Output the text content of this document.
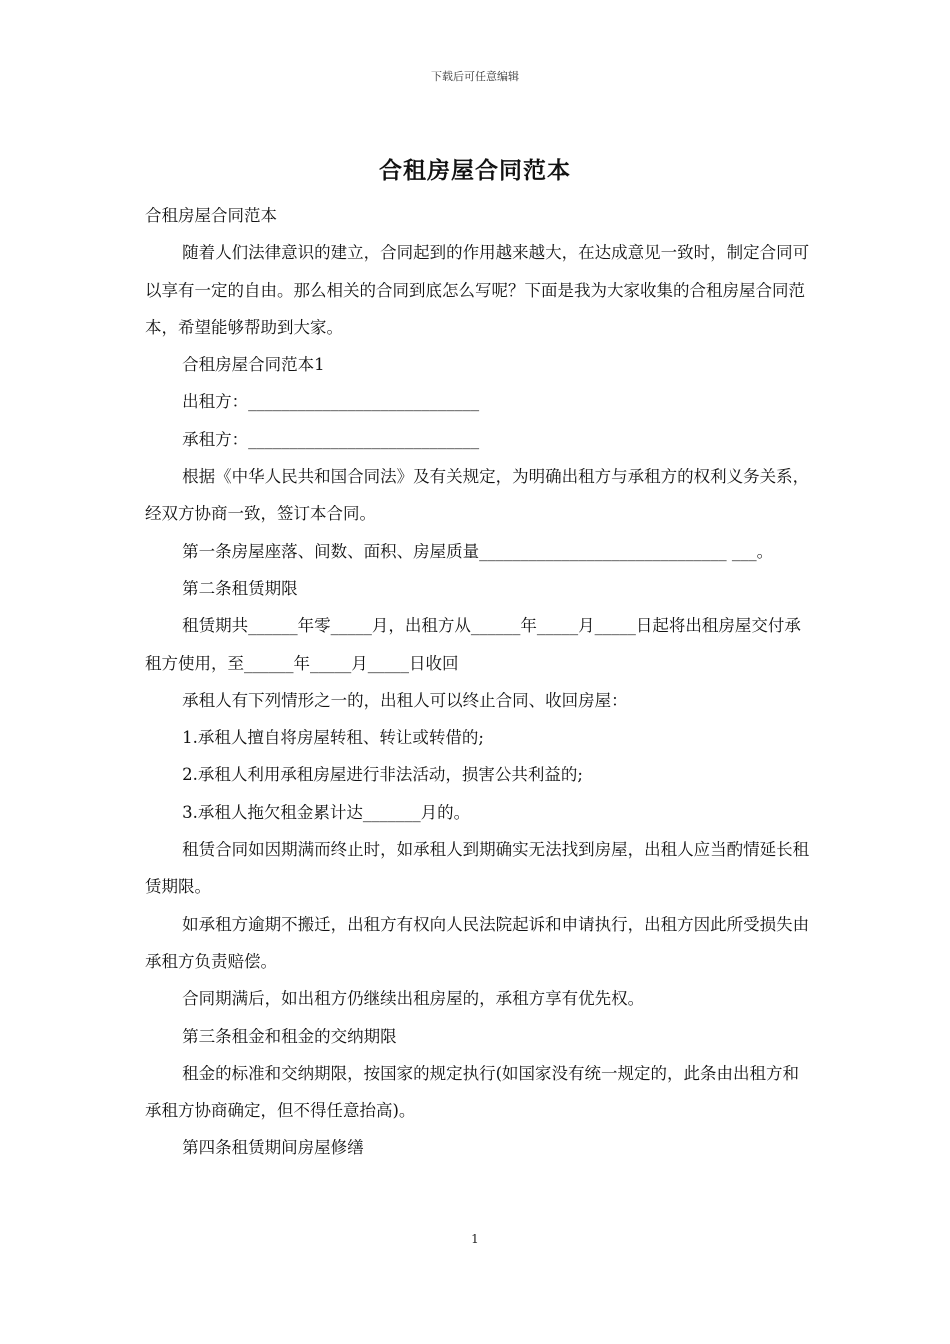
下载后可任意编辑
合租房屋合同范本

合租房屋合同范本

随着人们法律意识的建立，合同起到的作用越来越大，在达成意见一致时，制定合同可以享有一定的自由。那么相关的合同到底怎么写呢？下面是我为大家收集的合租房屋合同范本，希望能够帮助到大家。

合租房屋合同范本1

出租方：____________________________

承租方：____________________________

根据《中华人民共和国合同法》及有关规定，为明确出租方与承租方的权利义务关系，经双方协商一致，签订本合同。

第一条房屋座落、间数、面积、房屋质量______________________________ ___。

第二条租赁期限

租赁期共______年零_____月，出租方从______年_____月_____日起将出租房屋交付承租方使用，至______年_____月_____日收回

承租人有下列情形之一的，出租人可以终止合同、收回房屋：

1.承租人擅自将房屋转租、转让或转借的;

2.承租人利用承租房屋进行非法活动，损害公共利益的;

3.承租人拖欠租金累计达_______月的。

租赁合同如因期满而终止时，如承租人到期确实无法找到房屋，出租人应当酌情延长租赁期限。

如承租方逾期不搬迁，出租方有权向人民法院起诉和申请执行，出租方因此所受损失由承租方负责赔偿。

合同期满后，如出租方仍继续出租房屋的，承租方享有优先权。

第三条租金和租金的交纳期限

租金的标准和交纳期限，按国家的规定执行(如国家没有统一规定的，此条由出租方和承租方协商确定，但不得任意抬高)。

第四条租赁期间房屋修缮

1
